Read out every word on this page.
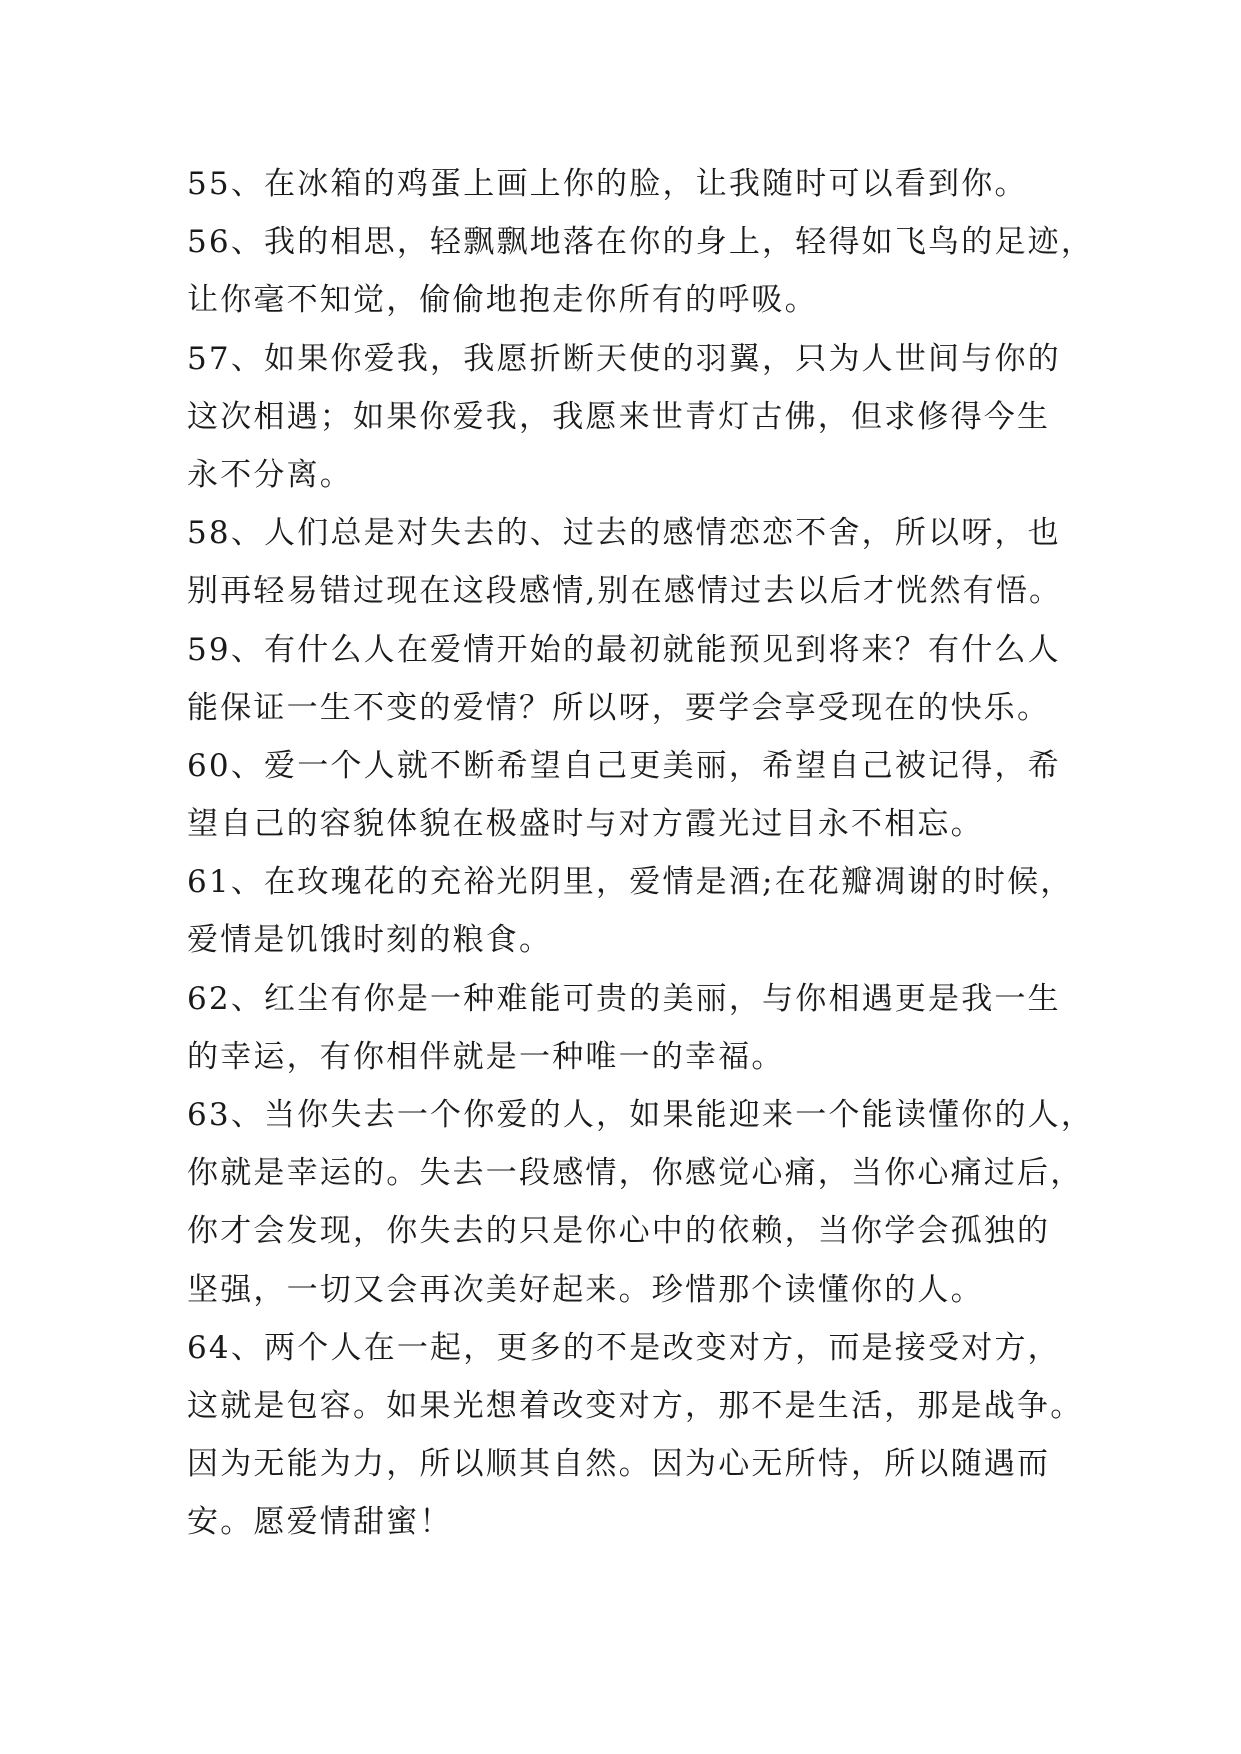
55、在冰箱的鸡蛋上画上你的脸，让我随时可以看到你。
56、我的相思，轻飘飘地落在你的身上，轻得如飞鸟的足迹，
让你毫不知觉，偷偷地抱走你所有的呼吸。
57、如果你爱我，我愿折断天使的羽翼，只为人世间与你的
这次相遇；如果你爱我，我愿来世青灯古佛，但求修得今生
永不分离。
58、人们总是对失去的、过去的感情恋恋不舍，所以呀，也
别再轻易错过现在这段感情,别在感情过去以后才恍然有悟。
59、有什么人在爱情开始的最初就能预见到将来？有什么人
能保证一生不变的爱情？所以呀，要学会享受现在的快乐。
60、爱一个人就不断希望自己更美丽，希望自己被记得，希
望自己的容貌体貌在极盛时与对方霞光过目永不相忘。
61、在玫瑰花的充裕光阴里，爱情是酒;在花瓣凋谢的时候，
爱情是饥饿时刻的粮食。
62、红尘有你是一种难能可贵的美丽，与你相遇更是我一生
的幸运，有你相伴就是一种唯一的幸福。
63、当你失去一个你爱的人，如果能迎来一个能读懂你的人，
你就是幸运的。失去一段感情，你感觉心痛，当你心痛过后，
你才会发现，你失去的只是你心中的依赖，当你学会孤独的
坚强，一切又会再次美好起来。珍惜那个读懂你的人。
64、两个人在一起，更多的不是改变对方，而是接受对方，
这就是包容。如果光想着改变对方，那不是生活，那是战争。
因为无能为力，所以顺其自然。因为心无所恃，所以随遇而
安。愿爱情甜蜜！
